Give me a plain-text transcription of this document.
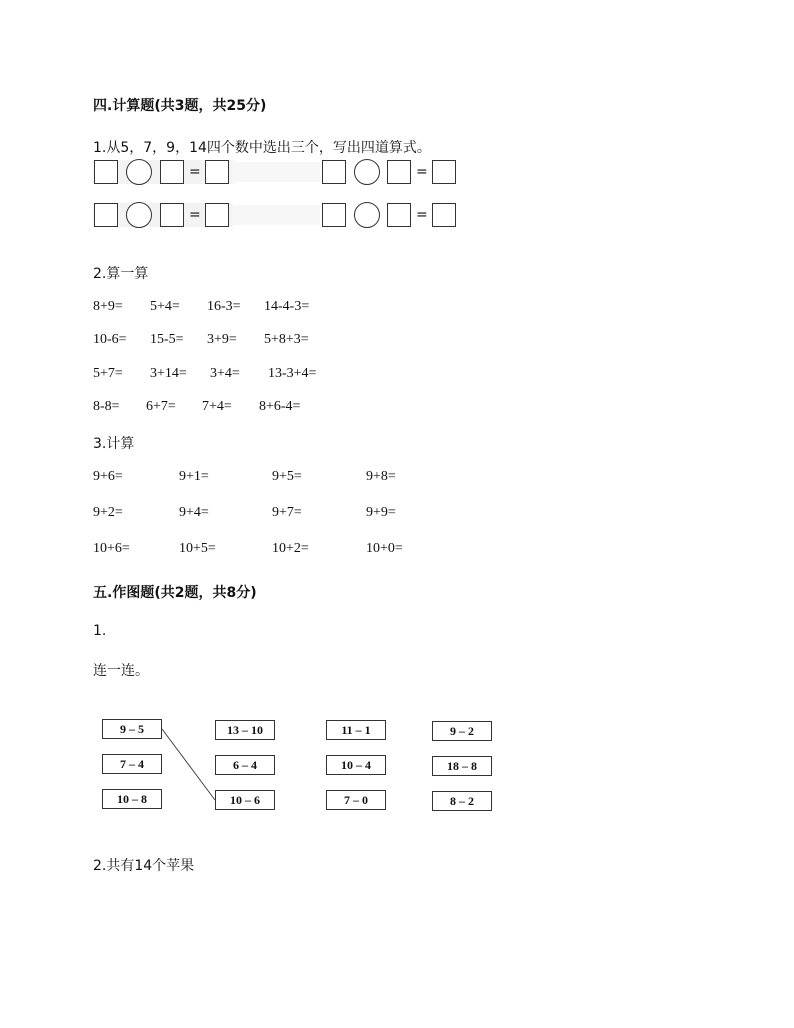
四.计算题(共3题，共25分)
1.从5，7，9，14四个数中选出三个，写出四道算式。
=	=
=	=
2.算一算
8+9= 5+4= 16-3= 14-4-3=
10-6= 15-5= 3+9= 5+8+3=
5+7= 3+14= 3+4= 13-3+4=
8-8= 6+7= 7+4= 8+6-4=
3.计算
9+6=	9+1=	9+5=	9+8=
9+2=	9+4=	9+7=	9+9=
10+6=	10+5=	10+2=	10+0=
五.作图题(共2题，共8分)
1.
连一连。
9 – 5
7 – 4
10 – 8
13 – 10
6 – 4
10 – 6
11 – 1
10 – 4
7 – 0
9 – 2
18 – 8
8 – 2
2.共有14个苹果
